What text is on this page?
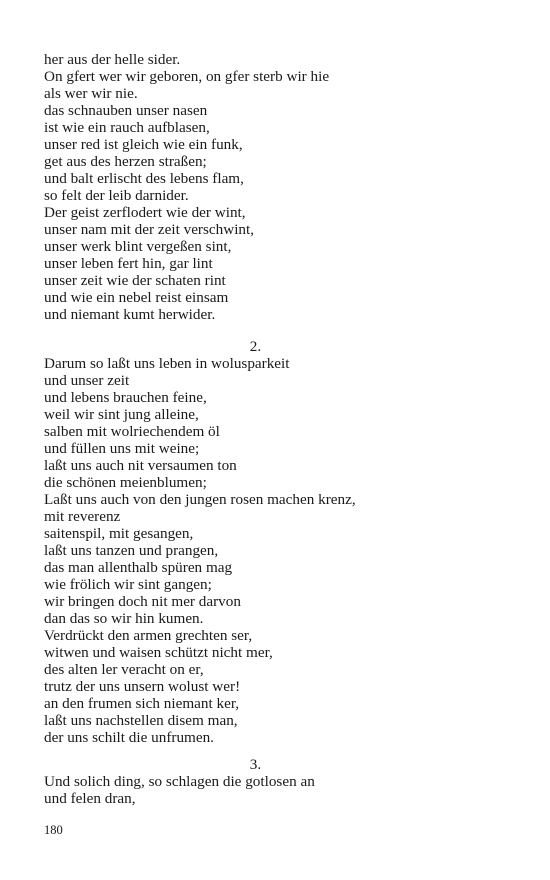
her aus der helle sider.
On gfert wer wir geboren, on gfer sterb wir hie
als wer wir nie.
das schnauben unser nasen
ist wie ein rauch aufblasen,
unser red ist gleich wie ein funk,
get aus des herzen straßen;
und balt erlischt des lebens flam,
so felt der leib darnider.
Der geist zerflodert wie der wint,
unser nam mit der zeit verschwint,
unser werk blint vergeßen sint,
unser leben fert hin, gar lint
unser zeit wie der schaten rint
und wie ein nebel reist einsam
und niemant kumt herwider.
2.
Darum so laßt uns leben in wolusparkeit
und unser zeit
und lebens brauchen feine,
weil wir sint jung alleine,
salben mit wolriechendem öl
und füllen uns mit weine;
laßt uns auch nit versaumen ton
die schönen meienblumen;
Laßt uns auch von den jungen rosen machen krenz,
mit reverenz
saitenspil, mit gesangen,
laßt uns tanzen und prangen,
das man allenthalb spüren mag
wie frölich wir sint gangen;
wir bringen doch nit mer darvon
dan das so wir hin kumen.
Verdrückt den armen grechten ser,
witwen und waisen schützt nicht mer,
des alten ler veracht on er,
trutz der uns unsern wolust wer!
an den frumen sich niemant ker,
laßt uns nachstellen disem man,
der uns schilt die unfrumen.
3.
Und solich ding, so schlagen die gotlosen an
und felen dran,
180
